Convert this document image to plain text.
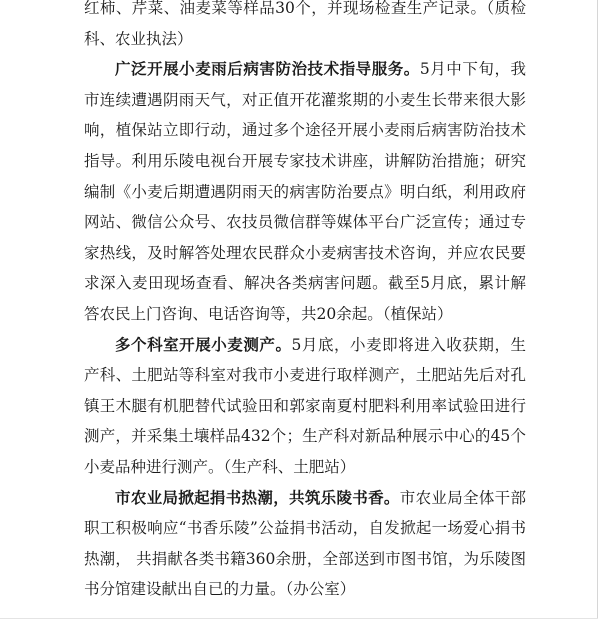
红柿、芹菜、油麦菜等样品30个，并现场检查生产记录。（质检科、农业执法）

广泛开展小麦雨后病害防治技术指导服务。5月中下旬，我市连续遭遇阴雨天气，对正值开花灌浆期的小麦生长带来很大影响，植保站立即行动，通过多个途径开展小麦雨后病害防治技术指导。利用乐陵电视台开展专家技术讲座，讲解防治措施；研究编制《小麦后期遭遇阴雨天的病害防治要点》明白纸，利用政府网站、微信公众号、农技员微信群等媒体平台广泛宣传；通过专家热线，及时解答处理农民群众小麦病害技术咨询，并应农民要求深入麦田现场查看、解决各类病害问题。截至5月底，累计解答农民上门咨询、电话咨询等，共20余起。（植保站）

多个科室开展小麦测产。5月底，小麦即将进入收获期，生产科、土肥站等科室对我市小麦进行取样测产，土肥站先后对孔镇王木腿有机肥替代试验田和郭家南夏村肥料利用率试验田进行测产，并采集土壤样品432个；生产科对新品种展示中心的45个小麦品种进行测产。（生产科、土肥站）

市农业局掀起捐书热潮，共筑乐陵书香。市农业局全体干部职工积极响应“书香乐陵”公益捐书活动，自发掀起一场爱心捐书热潮， 共捐献各类书籍360余册，全部送到市图书馆，为乐陵图书分馆建设献出自已的力量。（办公室）
